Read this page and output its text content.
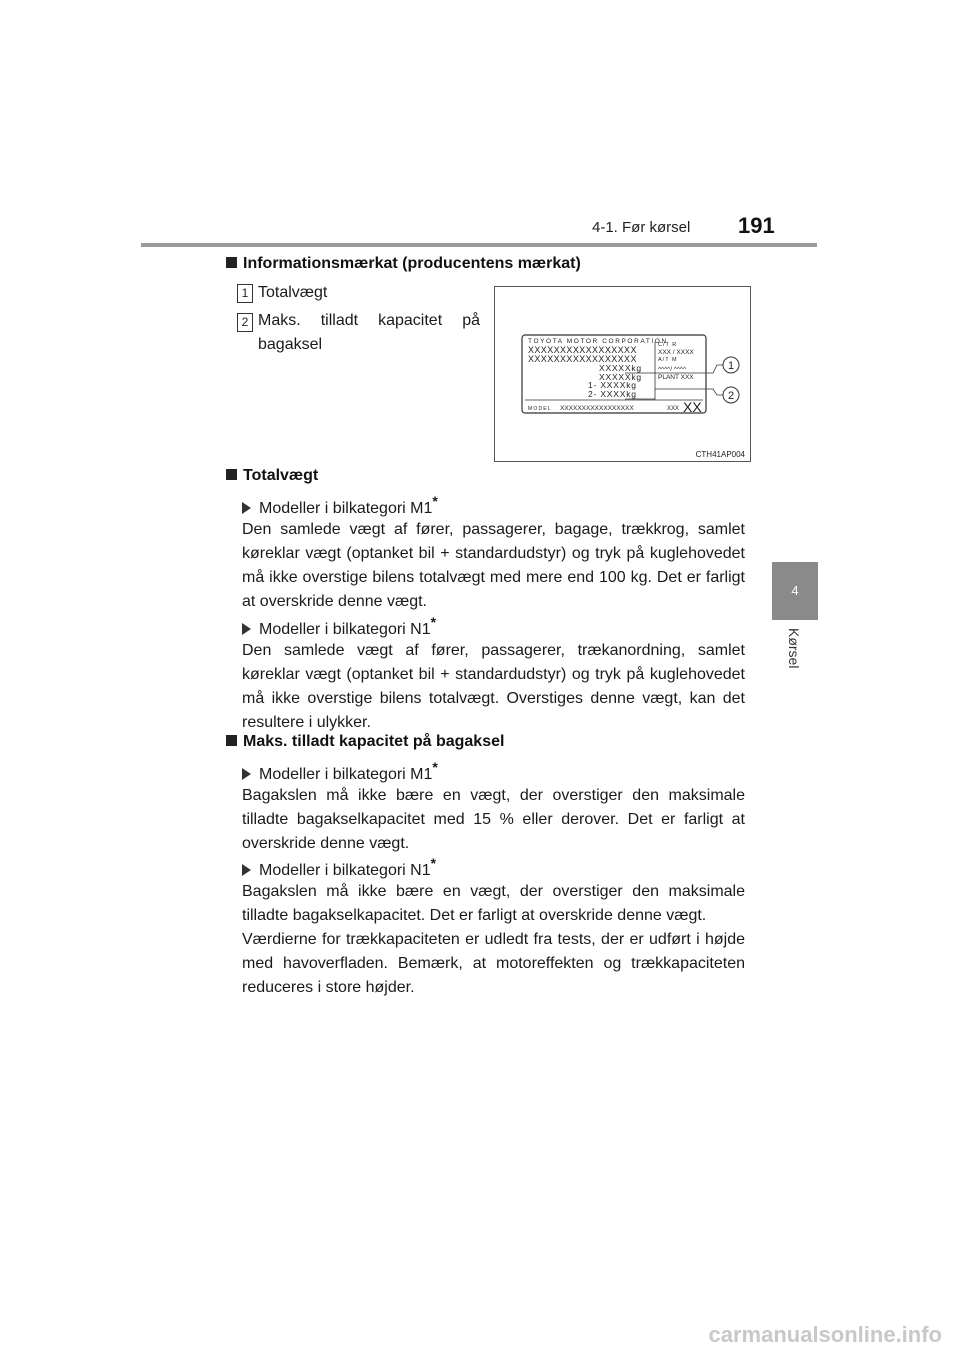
4-1. Før kørsel 191
4
Kørsel
Informationsmærkat (producentens mærkat)
1 Totalvægt
2 Maks. tilladt kapacitet på bagaksel	TOYOTA MOTOR CORPORATION
XXXXXXXXXXXXXXXXX
XXXXXXXXXXXXXXXXX
XXXXXkg
XXXXXkg
1- XXXXkg
2- XXXXkg
C/T R
XXX / XXXX
A/T M
^^^^/ ^^^^
PLANT XXX
MODEL XXXXXXXXXXXXXXXXX	XXX XX
1
2
CTH41AP004
Totalvægt
Modeller i bilkategori M1*
Den samlede vægt af fører, passagerer, bagage, trækkrog, samlet køreklar vægt (optanket bil + standardudstyr) og tryk på kuglehovedet må ikke overstige bilens totalvægt med mere end 100 kg. Det er farligt at overskride denne vægt.
Modeller i bilkategori N1*
Den samlede vægt af fører, passagerer, trækanordning, samlet køreklar vægt (optanket bil + standardudstyr) og tryk på kuglehovedet må ikke overstige bilens totalvægt. Overstiges denne vægt, kan det resultere i ulykker.
Maks. tilladt kapacitet på bagaksel
Modeller i bilkategori M1*
Bagakslen må ikke bære en vægt, der overstiger den maksimale tilladte bagakselkapacitet med 15 % eller derover. Det er farligt at overskride denne vægt.
Modeller i bilkategori N1*
Bagakslen må ikke bære en vægt, der overstiger den maksimale tilladte bagakselkapacitet. Det er farligt at overskride denne vægt.
Værdierne for trækkapaciteten er udledt fra tests, der er udført i højde med havoverfladen. Bemærk, at motoreffekten og trækkapaciteten reduceres i store højder.
carmanualsonline.info
